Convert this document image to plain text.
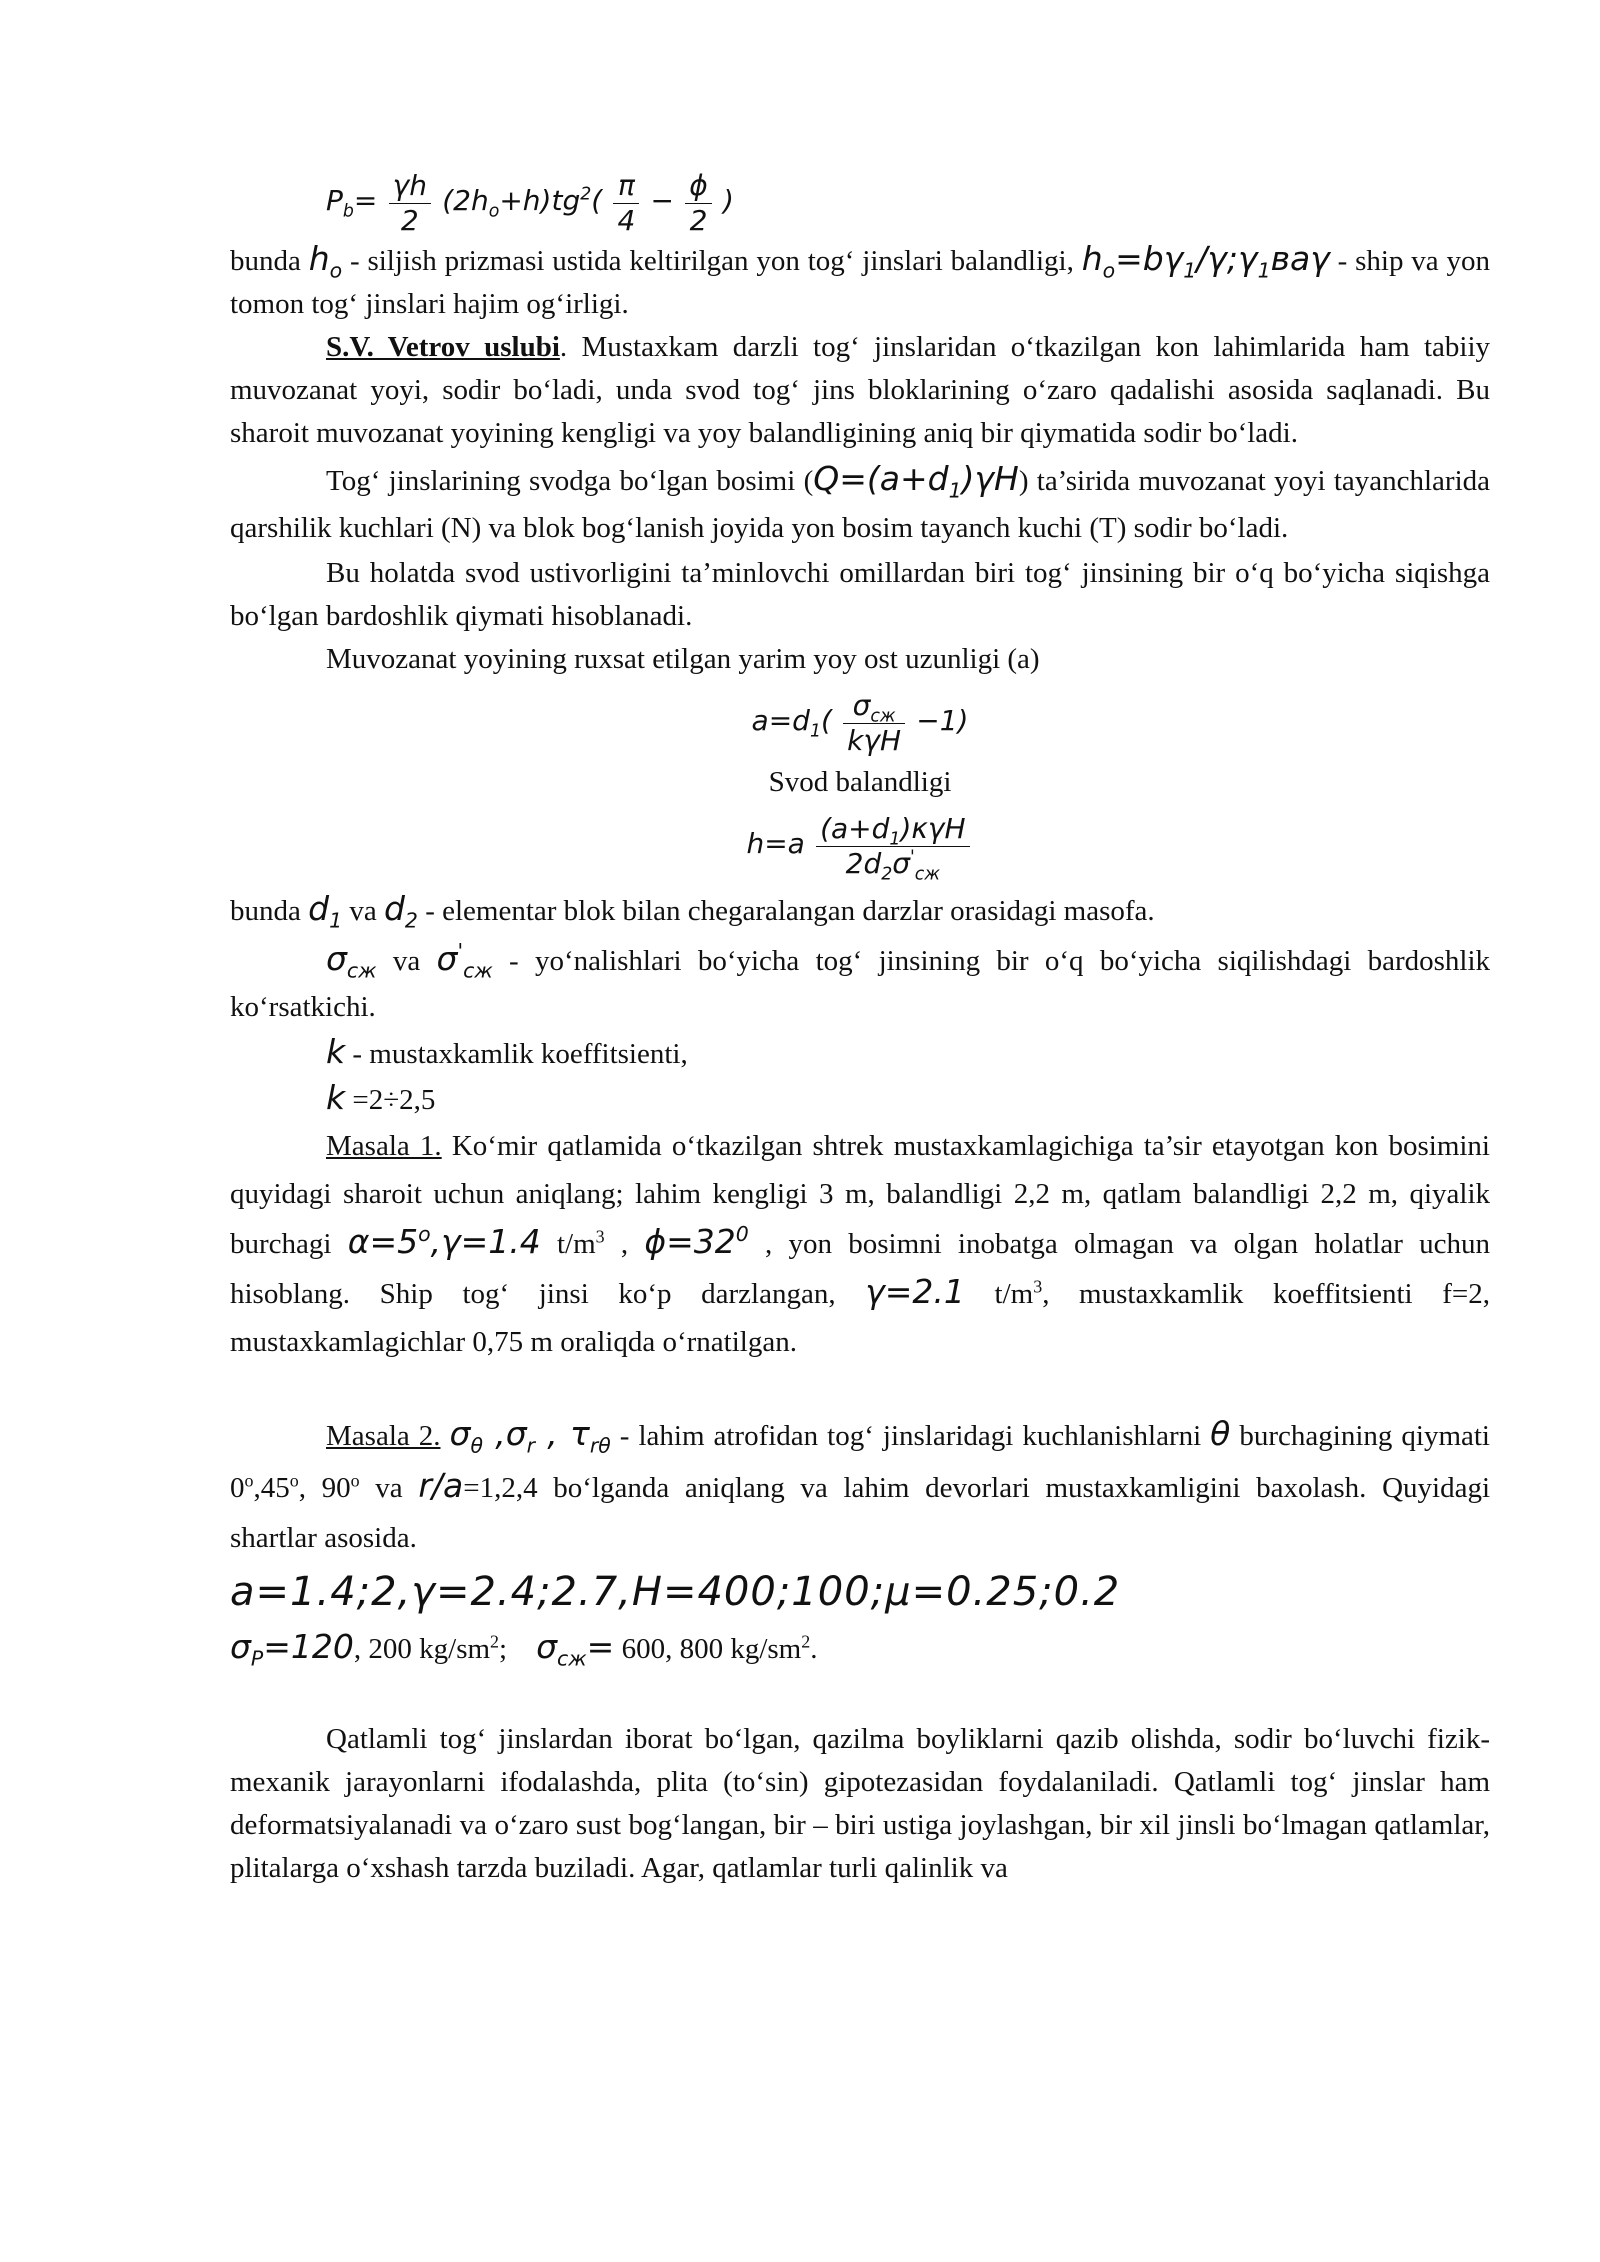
$P_b= \frac{\gamma h}{2} (2h_o+h)tg^2( \frac{\pi}{4} - \frac{\phi}{2}$ )

bunda $h_o$ - siljish prizmasi ustida keltirilgan yon tog‘ jinslari balandligi, $h_o=b\gamma_1/\gamma;\gamma_1вa\gamma$ - ship va yon tomon tog‘ jinslari hajim og‘irligi.

S.V. Vetrov uslubi. Mustaxkam darzli tog‘ jinslaridan o‘tkazilgan kon lahimlarida ham tabiiy muvozanat yoyi, sodir bo‘ladi, unda svod tog‘ jins bloklarining o‘zaro qadalishi asosida saqlanadi. Bu sharoit muvozanat yoyining kengligi va yoy balandligining aniq bir qiymatida sodir bo‘ladi.

Tog‘ jinslarining svodga bo‘lgan bosimi $(Q=(a+d_1)\gamma H)$ ta’sirida muvozanat yoyi tayanchlarida qarshilik kuchlari (N) va blok bog‘lanish joyida yon bosim tayanch kuchi (T) sodir bo‘ladi.

Bu holatda svod ustivorligini ta’minlovchi omillardan biri tog‘ jinsining bir o‘q bo‘yicha siqishga bo‘lgan bardoshlik qiymati hisoblanadi.

Muvozanat yoyining ruxsat etilgan yarim yoy ost uzunligi (a)

$a=d_1( \frac{\sigma_{сж}}{\text{kγH}} -1)$

Svod balandligi

$h=a \frac{(a+d_1)\kappa\gamma H}{2d_2\sigma'_{сж}}$

bunda $d_1$ va $d_2$ - elementar blok bilan chegaralangan darzlar orasidagi masofa.

$\sigma_{сж}$ va $\sigma'_{сж}$ - yo‘nalishlari bo‘yicha tog‘ jinsining bir o‘q bo‘yicha siqilishdagi bardoshlik ko‘rsatkichi.

k - mustaxkamlik koeffitsienti,

k =2÷2,5

Masala 1. Ko‘mir qatlamida o‘tkazilgan shtrek mustaxkamlagichiga ta’sir etayotgan kon bosimini quyidagi sharoit uchun aniqlang; lahim kengligi 3 m, balandligi 2,2 m, qatlam balandligi 2,2 m, qiyalik burchagi $\alpha=5^o,\gamma=1.4$ $t/m^3$ , $\phi=32^0$ , yon bosimni inobatga olmagan va olgan holatlar uchun hisoblang. Ship tog‘ jinsi ko‘p darzlangan, γ=2.1 $t/m^3$, mustaxkamlik koeffitsienti f=2, mustaxkamlagichlar 0,75 m oraliqda o‘rnatilgan.

Masala 2. $\sigma_\theta$ $,\sigma_r$ , $\tau_{r\theta}$ - lahim atrofidan tog‘ jinslaridagi kuchlanishlarni θ burchagining qiymati 0$^o$,45$^o$, 90$^o$ va r/a=1,2,4 bo‘lganda aniqlang va lahim devorlari mustaxkamligini baxolash. Quyidagi shartlar asosida.

a=1.4;2,γ=2.4;2.7,H=400;100;μ=0.25;0.2

$\sigma_P=120$, 200 $kg/sm^2$;    $\sigma_{сж}= 600$, 800 $kg/sm^2$.

Qatlamli tog‘ jinslardan iborat bo‘lgan, qazilma boyliklarni qazib olishda, sodir bo‘luvchi fizik-mexanik jarayonlarni ifodalashda, plita (to‘sin) gipotezasidan foydalaniladi. Qatlamli tog‘ jinslar ham deformatsiyalanadi va o‘zaro sust bog‘langan, bir – biri ustiga joylashgan, bir xil jinsli bo‘lmagan qatlamlar, plitalarga o‘xshash tarzda buziladi. Agar, qatlamlar turli qalinlik va
